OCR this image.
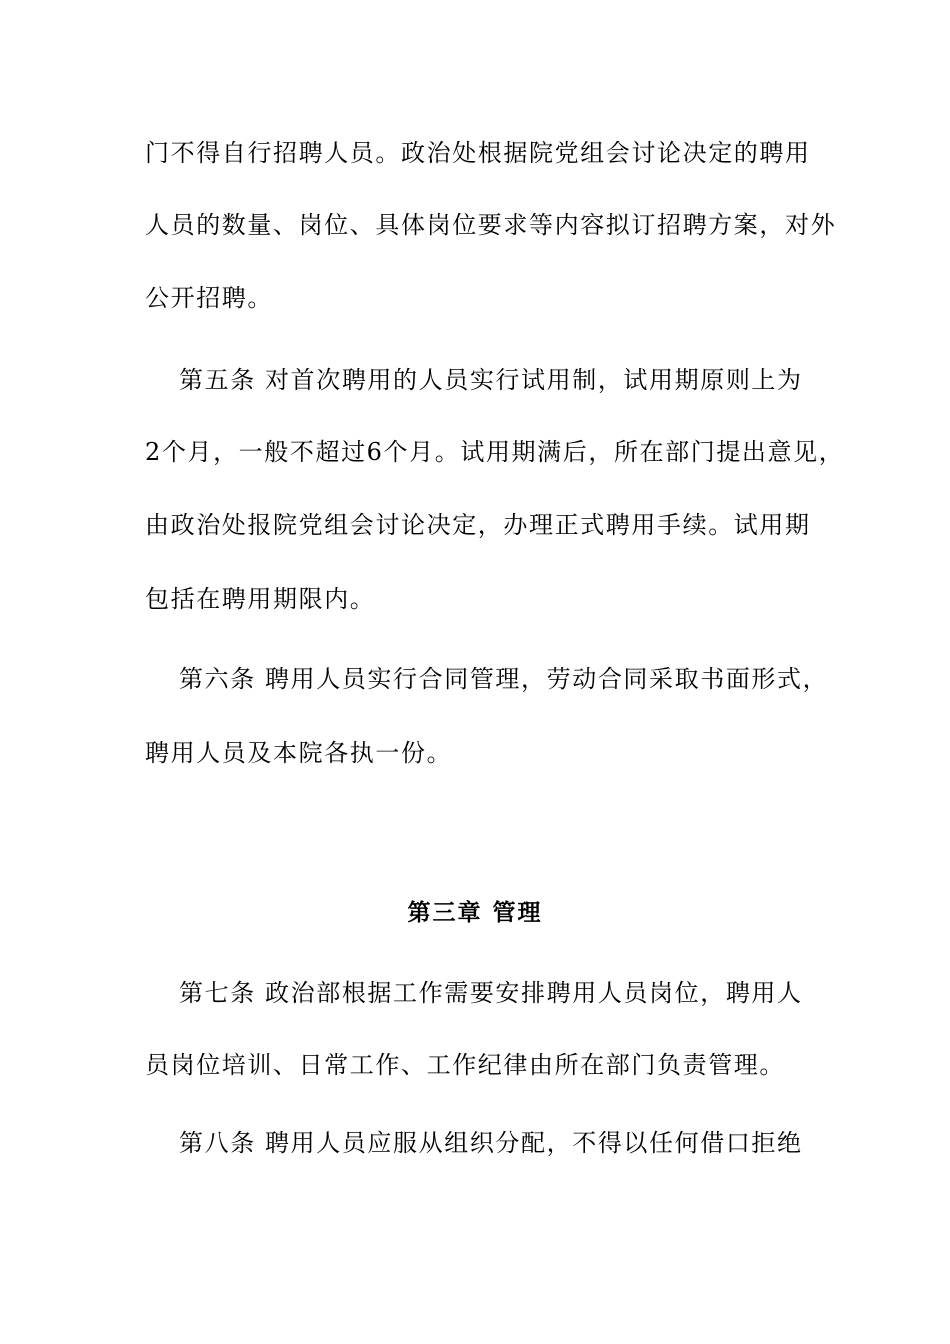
门不得自行招聘人员。政治处根据院党组会讨论决定的聘用
人员的数量、岗位、具体岗位要求等内容拟订招聘方案，对外
公开招聘。
第五条 对首次聘用的人员实行试用制，试用期原则上为
2个月，一般不超过6个月。试用期满后，所在部门提出意见，
由政治处报院党组会讨论决定，办理正式聘用手续。试用期
包括在聘用期限内。
第六条 聘用人员实行合同管理，劳动合同采取书面形式，
聘用人员及本院各执一份。
第三章 管理
第七条 政治部根据工作需要安排聘用人员岗位，聘用人
员岗位培训、日常工作、工作纪律由所在部门负责管理。
第八条 聘用人员应服从组织分配，不得以任何借口拒绝
